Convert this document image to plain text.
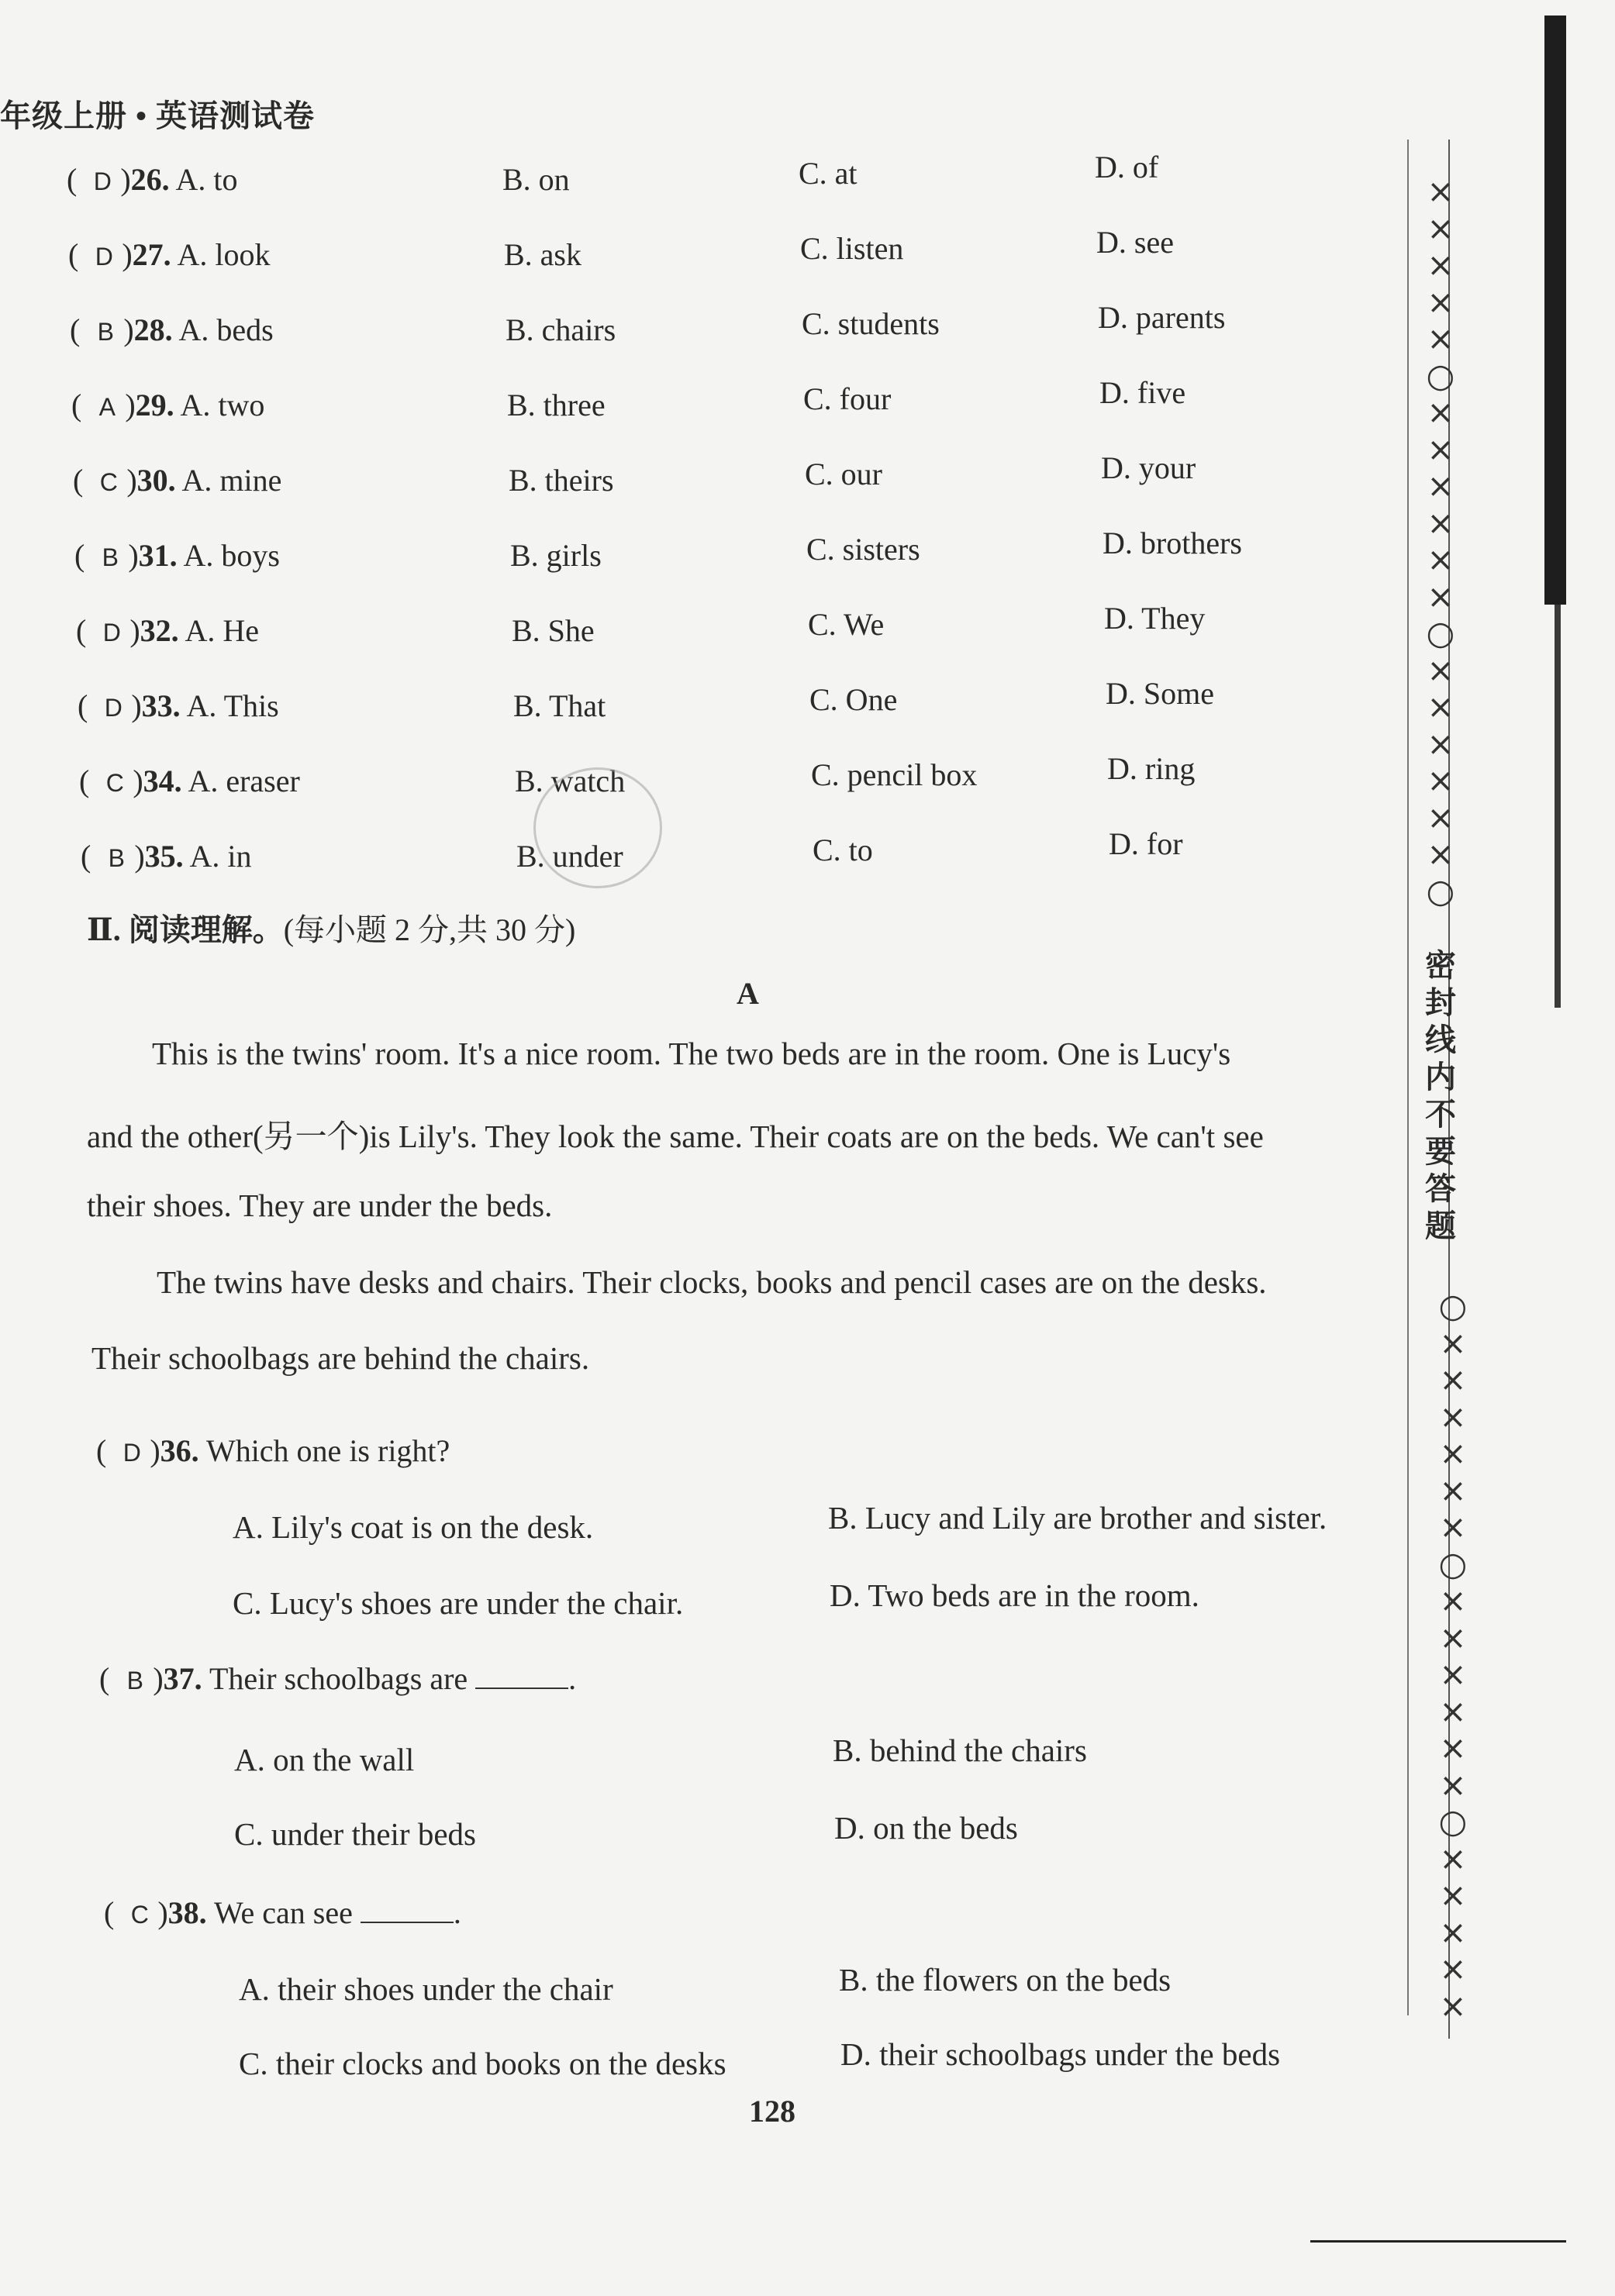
年级上册 • 英语测试卷
( D )26. A. to	B. on	C. at	D. of
( D )27. A. look	B. ask	C. listen	D. see
( B )28. A. beds	B. chairs	C. students	D. parents
( A )29. A. two	B. three	C. four	D. five
( C )30. A. mine	B. theirs	C. our	D. your
( B )31. A. boys	B. girls	C. sisters	D. brothers
( D )32. A. He	B. She	C. We	D. They
( D )33. A. This	B. That	C. One	D. Some
( C )34. A. eraser	B. watch	C. pencil box	D. ring
( B )35. A. in	B. under	C. to	D. for
Ⅱ. 阅读理解。(每小题 2 分,共 30 分)
A
This is the twins' room. It's a nice room. The two beds are in the room. One is Lucy's
and the other(另一个)is Lily's. They look the same. Their coats are on the beds. We can't see
their shoes. They are under the beds.
The twins have desks and chairs. Their clocks, books and pencil cases are on the desks.
Their schoolbags are behind the chairs.
( D )36. Which one is right?
A. Lily's coat is on the desk.	B. Lucy and Lily are brother and sister.
C. Lucy's shoes are under the chair.	D. Two beds are in the room.
( B )37. Their schoolbags are	.
A. on the wall	B. behind the chairs
C. under their beds	D. on the beds
( C )38. We can see	.
A. their shoes under the chair	B. the flowers on the beds
C. their clocks and books on the desks	D. their schoolbags under the beds
128
×
×
×
×
×
○
×
×
×
×
×
×
○
×
×
×
×
×
×
○
密封线内不要答题
○
×
×
×
×
×
×
○
×
×
×
×
×
×
○
×
×
×
×
×
